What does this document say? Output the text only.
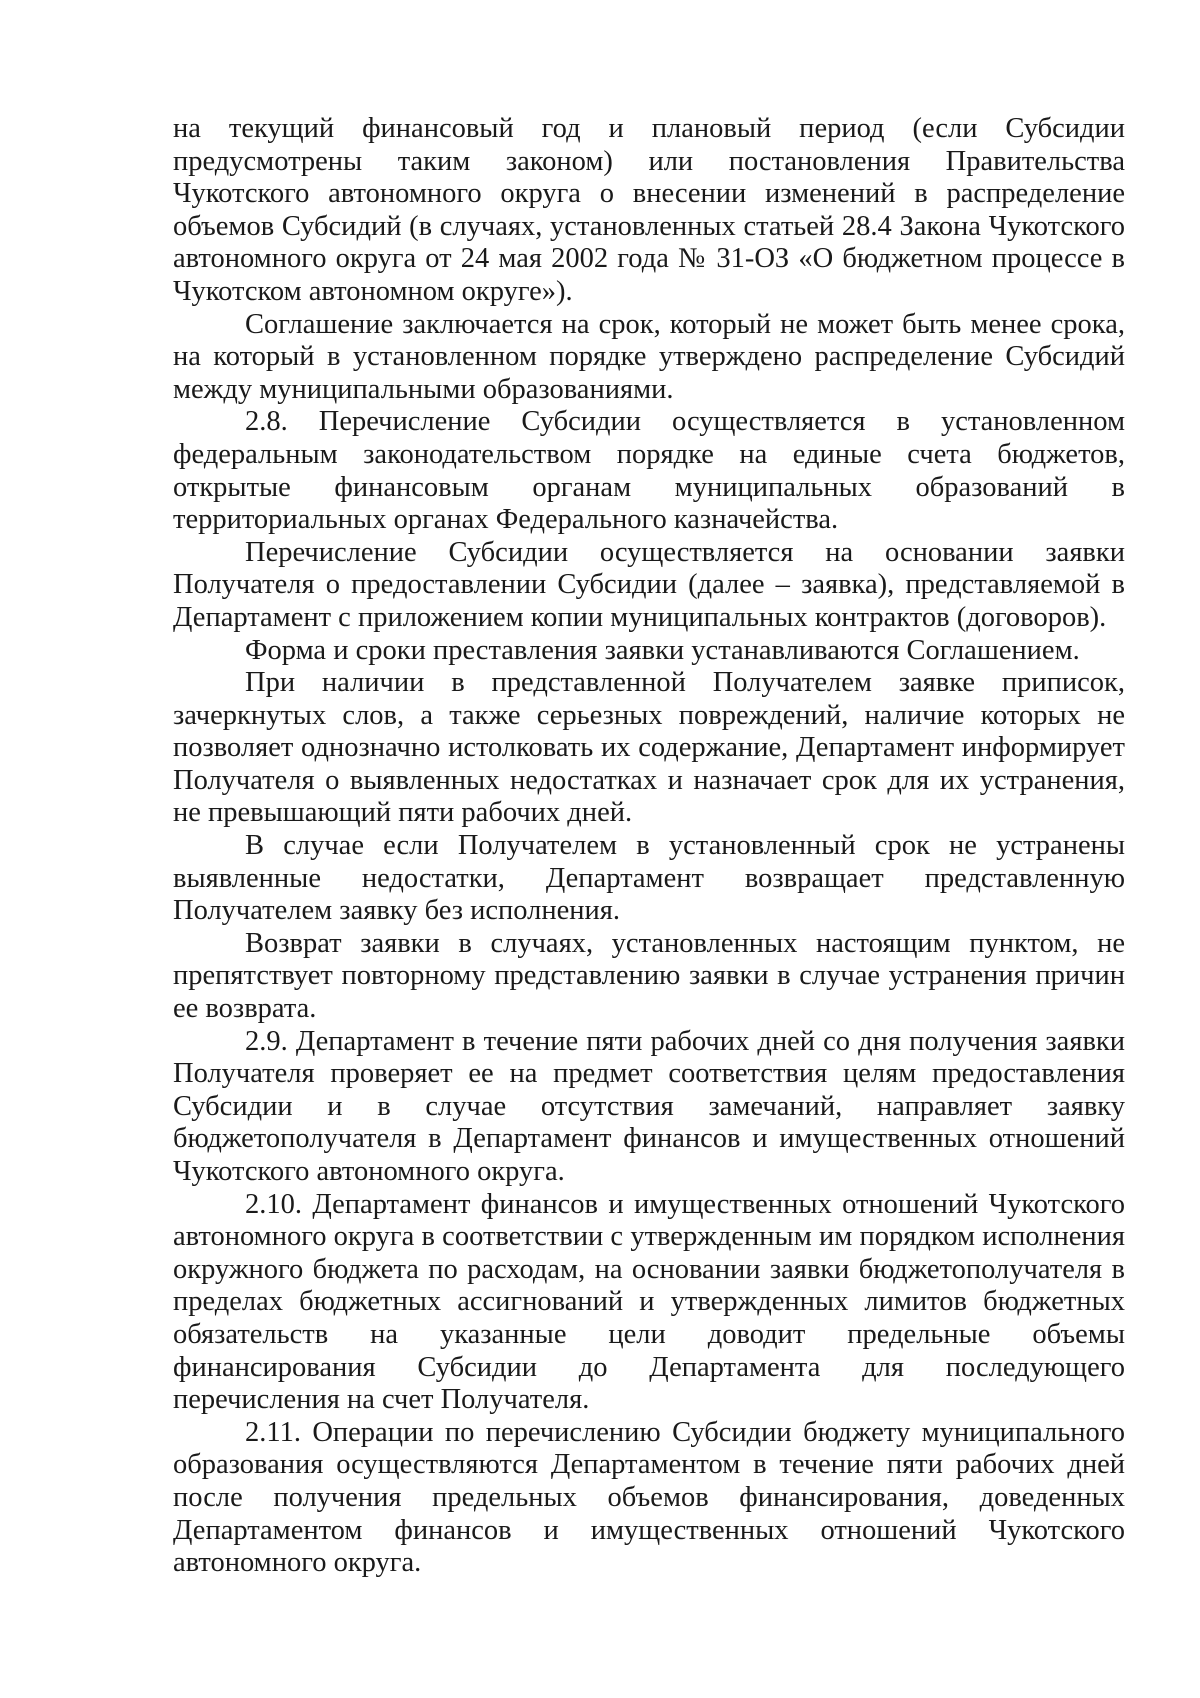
на текущий финансовый год и плановый период (если Субсидии предусмотрены таким законом) или постановления Правительства Чукотского автономного округа о внесении изменений в распределение объемов Субсидий (в случаях, установленных статьей 28.4 Закона Чукотского автономного округа от 24 мая 2002 года № 31-ОЗ «О бюджетном процессе в Чукотском автономном округе»).

Соглашение заключается на срок, который не может быть менее срока, на который в установленном порядке утверждено распределение Субсидий между муниципальными образованиями.

2.8. Перечисление Субсидии осуществляется в установленном федеральным законодательством порядке на единые счета бюджетов, открытые финансовым органам муниципальных образований в территориальных органах Федерального казначейства.

Перечисление Субсидии осуществляется на основании заявки Получателя о предоставлении Субсидии (далее – заявка), представляемой в Департамент с приложением копии муниципальных контрактов (договоров).

Форма и сроки преставления заявки устанавливаются Соглашением.

При наличии в представленной Получателем заявке приписок, зачеркнутых слов, а также серьезных повреждений, наличие которых не позволяет однозначно истолковать их содержание, Департамент информирует Получателя о выявленных недостатках и назначает срок для их устранения, не превышающий пяти рабочих дней.

В случае если Получателем в установленный срок не устранены выявленные недостатки, Департамент возвращает представленную Получателем заявку без исполнения.

Возврат заявки в случаях, установленных настоящим пунктом, не препятствует повторному представлению заявки в случае устранения причин ее возврата.

2.9. Департамент в течение пяти рабочих дней со дня получения заявки Получателя проверяет ее на предмет соответствия целям предоставления Субсидии и в случае отсутствия замечаний, направляет заявку бюджетополучателя в Департамент финансов и имущественных отношений Чукотского автономного округа.

2.10. Департамент финансов и имущественных отношений Чукотского автономного округа в соответствии с утвержденным им порядком исполнения окружного бюджета по расходам, на основании заявки бюджетополучателя в пределах бюджетных ассигнований и утвержденных лимитов бюджетных обязательств на указанные цели доводит предельные объемы финансирования Субсидии до Департамента для последующего перечисления на счет Получателя.

2.11. Операции по перечислению Субсидии бюджету муниципального образования осуществляются Департаментом в течение пяти рабочих дней после получения предельных объемов финансирования, доведенных Департаментом финансов и имущественных отношений Чукотского автономного округа.
